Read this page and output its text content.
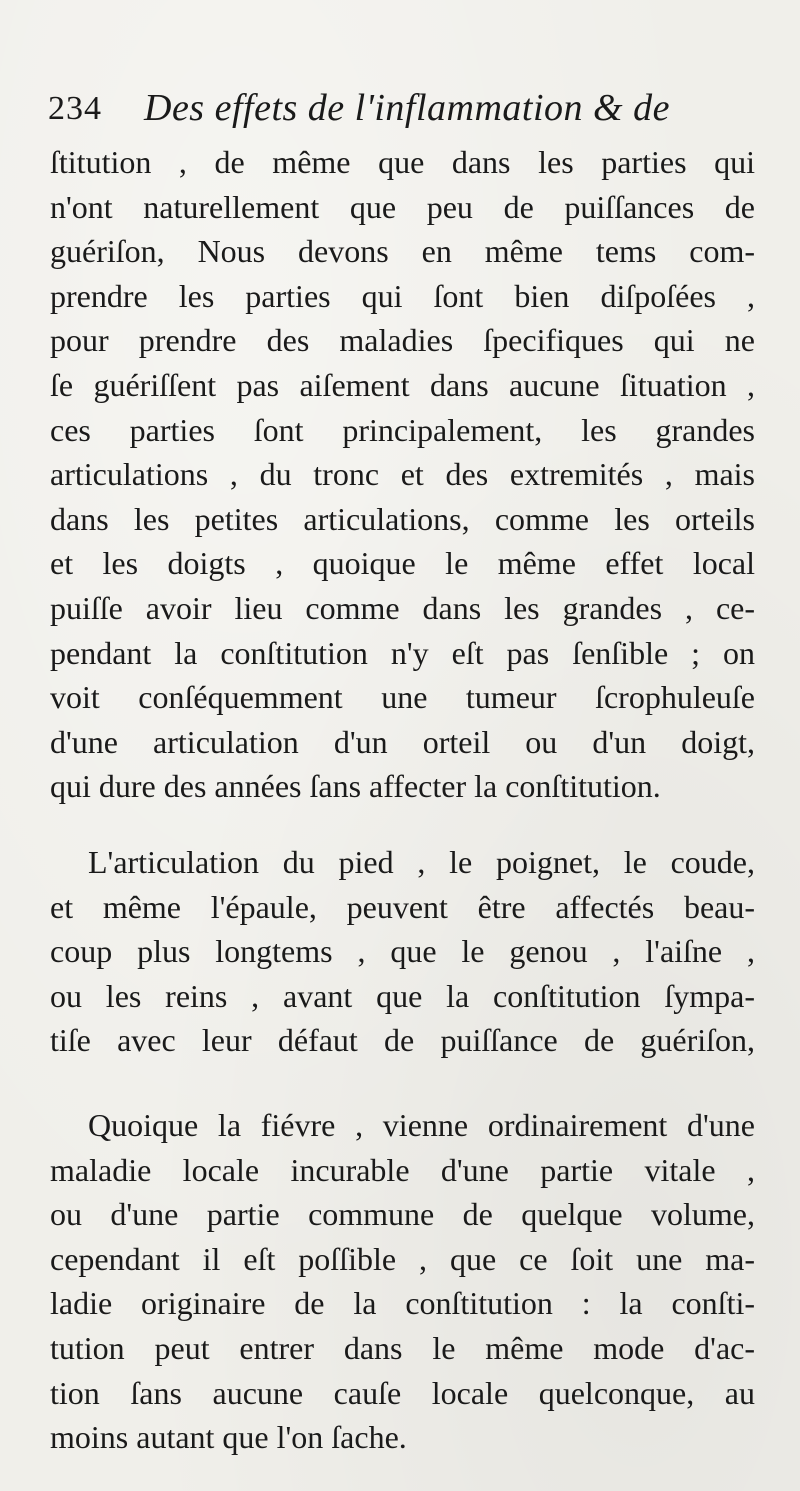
234 Des effets de l'inflammation & de
ſtitution , de même que dans les parties qui
n'ont naturellement que peu de puiſſances de
guériſon, Nous devons en même tems com-
prendre les parties qui ſont bien diſpoſées ,
pour prendre des maladies ſpecifiques qui ne
ſe guériſſent pas aiſement dans aucune ſituation ,
ces parties ſont principalement, les grandes
articulations , du tronc et des extremités , mais
dans les petites articulations, comme les orteils
et les doigts , quoique le même effet local
puiſſe avoir lieu comme dans les grandes , ce-
pendant la conſtitution n'y eſt pas ſenſible ; on
voit conſéquemment une tumeur ſcrophuleuſe
d'une articulation d'un orteil ou d'un doigt,
qui dure des années ſans affecter la conſtitution.
L'articulation du pied , le poignet, le coude,
et même l'épaule, peuvent être affectés beau-
coup plus longtems , que le genou , l'aiſne ,
ou les reins , avant que la conſtitution ſympa-
tiſe avec leur défaut de puiſſance de guériſon,
Quoique la fiévre , vienne ordinairement d'une
maladie locale incurable d'une partie vitale ,
ou d'une partie commune de quelque volume,
cependant il eſt poſſible , que ce ſoit une ma-
ladie originaire de la conſtitution : la conſti-
tution peut entrer dans le même mode d'ac-
tion ſans aucune cauſe locale quelconque, au
moins autant que l'on ſache.
